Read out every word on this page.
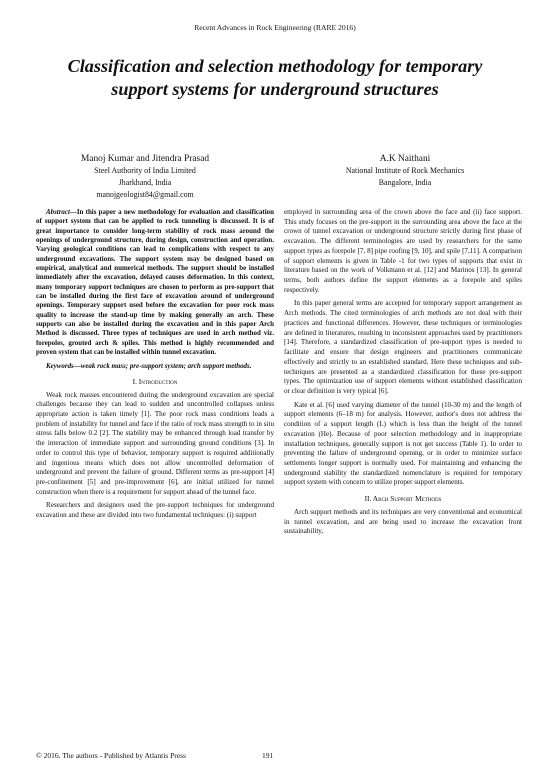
Recent Advances in Rock Engineering (RARE 2016)
Classification and selection methodology for temporary support systems for underground structures
Manoj Kumar and Jitendra Prasad
Steel Authority of India Limited
Jharkhand, India
manojgeologist84@gmail.com
A.K Naithani
National Institute of Rock Mechanics
Bangalore, India

Abstract—In this paper a new methodology for evaluation and classification of support system that can be applied to rock tunneling is discussed. It is of great importance to consider long-term stability of rock mass around the openings of underground structure, during design, construction and operation. Varying geological conditions can lead to complications with respect to any underground excavations. The support system may be designed based on empirical, analytical and numerical methods. The support should be installed immediately after the excavation, delayed causes deformation. In this context, many temporary support techniques are chosen to perform as pre-support that can be installed during the first face of excavation around of underground openings. Temporary support used before the excavation for poor rock mass quality to increase the stand-up time by making generally an arch. These supports can also be installed during the excavation and in this paper Arch Method is discussed. Three types of techniques are used in arch method viz. forepoles, grouted arch & spiles. This method is highly recommended and proven system that can be installed within tunnel excavation.

Keywords—weak rock mass; pre-support system; arch support methods.

I. Introduction

Weak rock masses encountered during the underground excavation are special challenges because they can lead to sudden and uncontrolled collapses unless appropriate action is taken timely [1]. The poor rock mass conditions leads a problem of instability for tunnel and face if the ratio of rock mass strength to in situ stress falls below 0.2 [2]. The stability may be enhanced through load transfer by the interaction of immediate support and surrounding ground conditions [3]. In order to control this type of behavior, temporary support is required additionally and ingenious means which does not allow uncontrolled deformation of underground and prevent the failure of ground. Different terms as pre-support [4] pre-confinement [5] and pre-improvement [6], are initial utilized for tunnel construction when there is a requirement for support ahead of the tunnel face.

Researchers and designers used the pre-support techniques for underground excavation and these are divided into two fundamental techniques: (i) support

employed in surrounding area of the crown above the face and (ii) face support. This study focuses on the pre-support in the surrounding area above the face at the crown of tunnel excavation or underground structure strictly during first phase of excavation. The different terminologies are used by researchers for the same support types as forepole [7, 8] pipe roofing [9, 10], and spile [7,11]. A comparison of support elements is given in Table -1 for two types of supports that exist in literature based on the work of Volkmann et al. [12] and Marinos [13]. In general terms, both authors define the support elements as a forepole and spiles respectively.

In this paper general terms are accepted for temporary support arrangement as Arch methods. The cited terminologies of arch methods are not deal with their practices and functional differences. However, these techniques or terminologies are defined in literatures, resulting in inconsistent approaches used by practitioners [14]. Therefore, a standardized classification of pre-support types is needed to facilitate and ensure that design engineers and practitioners communicate effectively and strictly to an established standard. Here these techniques and sub-techniques are presented as a standardized classification for these pre-support types. The optimization use of support elements without established classification or clear definition is very typical [6].

Kate et al. [6] used varying diameter of the tunnel (10-30 m) and the length of support elements (6–18 m) for analysis. However, author's does not address the condition of a support length (L) which is less than the height of the tunnel excavation (He). Because of poor selection methodology and in inappropriate installation techniques, generally support is not get success (Table 1). In order to preventing the failure of underground opening, or in order to minimize surface settlements longer support is normally used. For maintaining and enhancing the underground stability the standardized nomenclature is required for temporary support system with concern to utilize proper support elements.

II. Arch Support Methods

Arch support methods and its techniques are very conventional and economical in tunnel excavation, and are being used to increase the excavation front sustainability,

© 2016. The authors - Published by Atlantis Press	191
